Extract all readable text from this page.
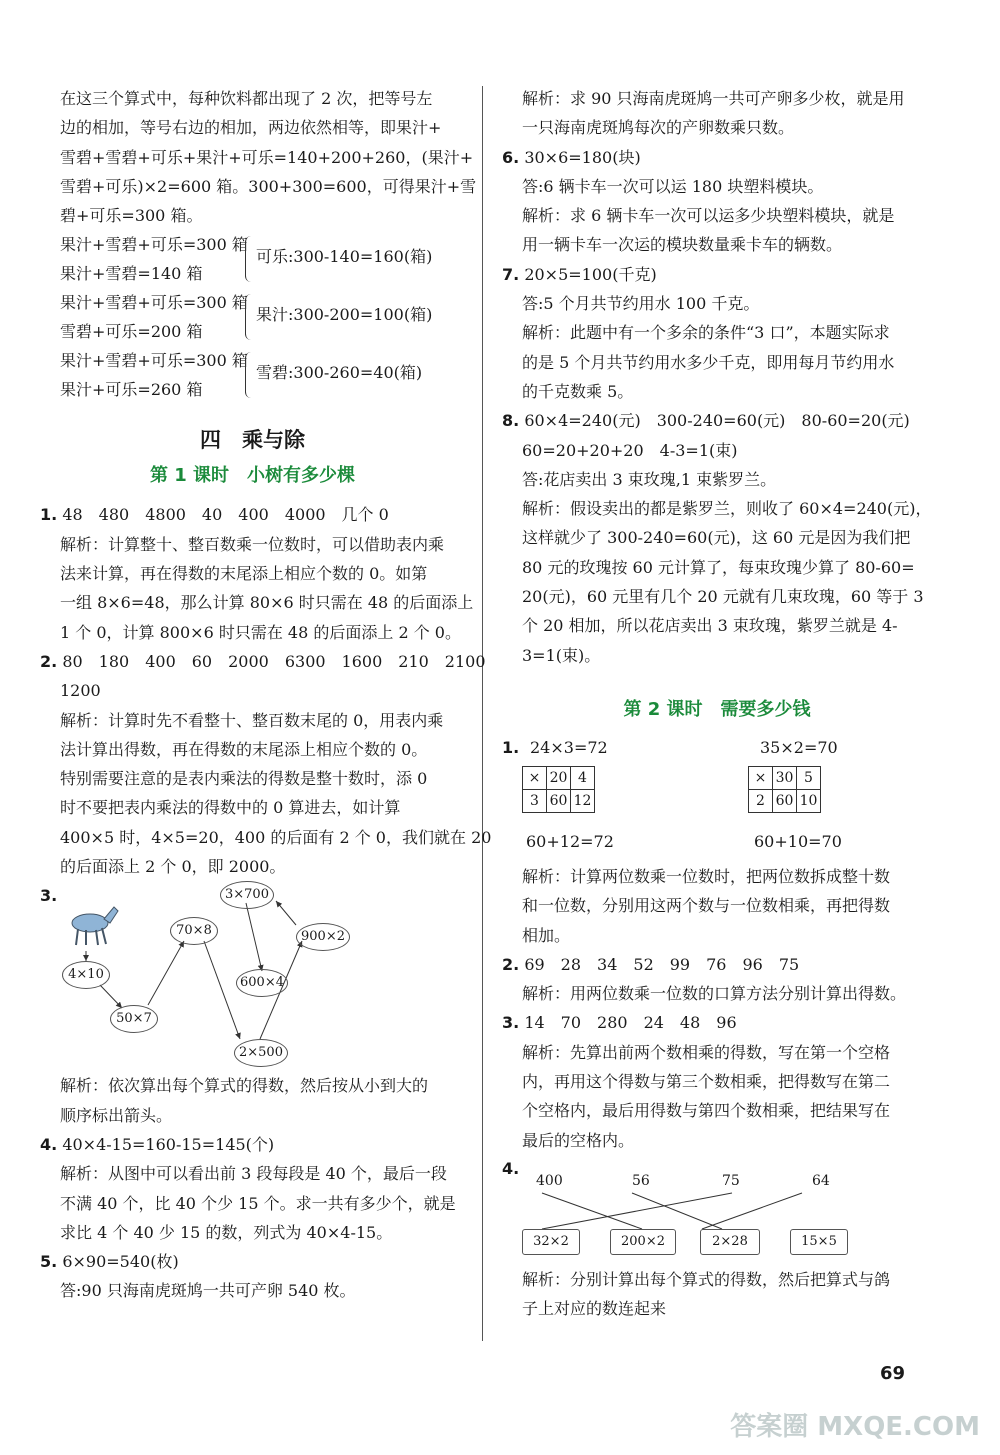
在这三个算式中，每种饮料都出现了 2 次，把等号左
边的相加，等号右边的相加，两边依然相等，即果汁+
雪碧+雪碧+可乐+果汁+可乐=140+200+260，(果汁+
雪碧+可乐)×2=600 箱。300+300=600，可得果汁+雪
碧+可乐=300 箱。
果汁+雪碧+可乐=300 箱
果汁+雪碧=140 箱
可乐:300-140=160(箱)
果汁+雪碧+可乐=300 箱
雪碧+可乐=200 箱
果汁:300-200=100(箱)
果汁+雪碧+可乐=300 箱
果汁+可乐=260 箱
雪碧:300-260=40(箱)
四　乘与除
第 1 课时　小树有多少棵
1. 48　480　4800　40　400　4000　几个 0
解析：计算整十、整百数乘一位数时，可以借助表内乘
法来计算，再在得数的末尾添上相应个数的 0。如第
一组 8×6=48，那么计算 80×6 时只需在 48 的后面添上
1 个 0，计算 800×6 时只需在 48 的后面添上 2 个 0。
2. 80　180　400　60　2000　6300　1600　210　2100
1200
解析：计算时先不看整十、整百数末尾的 0，用表内乘
法计算出得数，再在得数的末尾添上相应个数的 0。
特别需要注意的是表内乘法的得数是整十数时，添 0
时不要把表内乘法的得数中的 0 算进去，如计算
400×5 时，4×5=20，400 的后面有 2 个 0，我们就在 20
的后面添上 2 个 0，即 2000。
3.
4×10
50×7
70×8
3×700
600×4
2×500
900×2
解析：依次算出每个算式的得数，然后按从小到大的
顺序标出箭头。
4. 40×4-15=160-15=145(个)
解析：从图中可以看出前 3 段每段是 40 个，最后一段
不满 40 个，比 40 个少 15 个。求一共有多少个，就是
求比 4 个 40 少 15 的数，列式为 40×4-15。
5. 6×90=540(枚)
答:90 只海南虎斑鸠一共可产卵 540 枚。
解析：求 90 只海南虎斑鸠一共可产卵多少枚，就是用
一只海南虎斑鸠每次的产卵数乘只数。
6. 30×6=180(块)
答:6 辆卡车一次可以运 180 块塑料模块。
解析：求 6 辆卡车一次可以运多少块塑料模块，就是
用一辆卡车一次运的模块数量乘卡车的辆数。
7. 20×5=100(千克)
答:5 个月共节约用水 100 千克。
解析：此题中有一个多余的条件“3 口”，本题实际求
的是 5 个月共节约用水多少千克，即用每月节约用水
的千克数乘 5。
8. 60×4=240(元)　300-240=60(元)　80-60=20(元)
60=20+20+20　4-3=1(束)
答:花店卖出 3 束玫瑰,1 束紫罗兰。
解析：假设卖出的都是紫罗兰，则收了 60×4=240(元)，
这样就少了 300-240=60(元)，这 60 元是因为我们把
80 元的玫瑰按 60 元计算了，每束玫瑰少算了 80-60=
20(元)，60 元里有几个 20 元就有几束玫瑰，60 等于 3
个 20 相加，所以花店卖出 3 束玫瑰，紫罗兰就是 4-
3=1(束)。
第 2 课时　需要多少钱
1. 24×3=72	35×2=70
×	20	4
3	60	12
×	30	5
2	60	10
60+12=72	60+10=70
解析：计算两位数乘一位数时，把两位数拆成整十数
和一位数，分别用这两个数与一位数相乘，再把得数
相加。
2. 69　28　34　52　99　76　96　75
解析：用两位数乘一位数的口算方法分别计算出得数。
3. 14　70　280　24　48　96
解析：先算出前两个数相乘的得数，写在第一个空格
内，再用这个得数与第三个数相乘，把得数写在第二
个空格内，最后用得数与第四个数相乘，把结果写在
最后的空格内。
4.
400	56	75	64
32×2	200×2	2×28	15×5
解析：分别计算出每个算式的得数，然后把算式与鸽
子上对应的数连起来
69
答案圈 MXQE.COM
